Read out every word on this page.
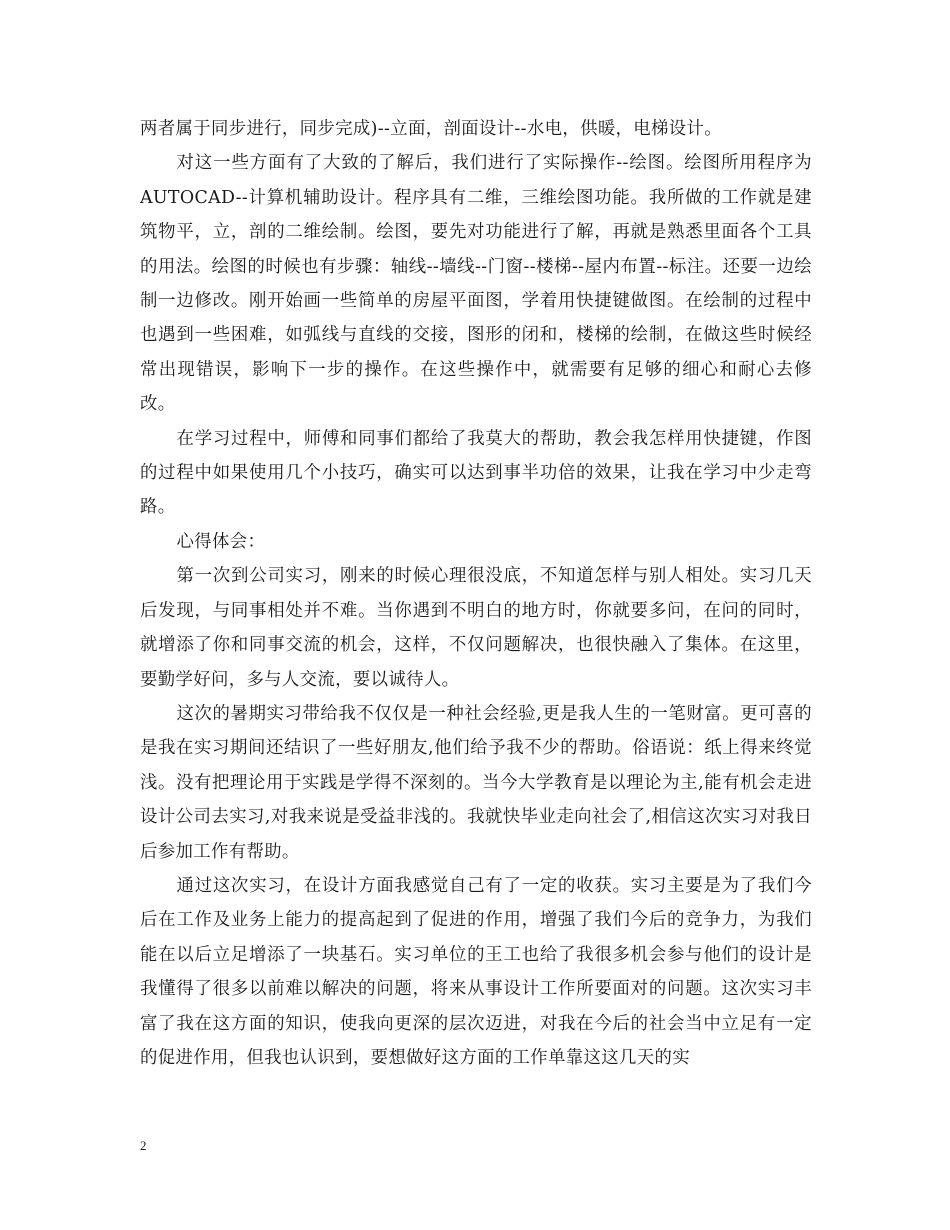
两者属于同步进行，同步完成)--立面，剖面设计--水电，供暖，电梯设计。

对这一些方面有了大致的了解后，我们进行了实际操作--绘图。绘图所用程序为AUTOCAD--计算机辅助设计。程序具有二维，三维绘图功能。我所做的工作就是建筑物平，立，剖的二维绘制。绘图，要先对功能进行了解，再就是熟悉里面各个工具的用法。绘图的时候也有步骤：轴线--墙线--门窗--楼梯--屋内布置--标注。还要一边绘制一边修改。刚开始画一些简单的房屋平面图，学着用快捷键做图。在绘制的过程中也遇到一些困难，如弧线与直线的交接，图形的闭和，楼梯的绘制，在做这些时候经常出现错误，影响下一步的操作。在这些操作中，就需要有足够的细心和耐心去修改。

在学习过程中，师傅和同事们都给了我莫大的帮助，教会我怎样用快捷键，作图的过程中如果使用几个小技巧，确实可以达到事半功倍的效果，让我在学习中少走弯路。

心得体会：

第一次到公司实习，刚来的时候心理很没底，不知道怎样与别人相处。实习几天后发现，与同事相处并不难。当你遇到不明白的地方时，你就要多问，在问的同时，就增添了你和同事交流的机会，这样，不仅问题解决，也很快融入了集体。在这里，要勤学好问，多与人交流，要以诚待人。

这次的暑期实习带给我不仅仅是一种社会经验,更是我人生的一笔财富。更可喜的是我在实习期间还结识了一些好朋友,他们给予我不少的帮助。俗语说：纸上得来终觉浅。没有把理论用于实践是学得不深刻的。当今大学教育是以理论为主,能有机会走进设计公司去实习,对我来说是受益非浅的。我就快毕业走向社会了,相信这次实习对我日后参加工作有帮助。

通过这次实习，在设计方面我感觉自己有了一定的收获。实习主要是为了我们今后在工作及业务上能力的提高起到了促进的作用，增强了我们今后的竞争力，为我们能在以后立足增添了一块基石。实习单位的王工也给了我很多机会参与他们的设计是我懂得了很多以前难以解决的问题，将来从事设计工作所要面对的问题。这次实习丰富了我在这方面的知识，使我向更深的层次迈进，对我在今后的社会当中立足有一定的促进作用，但我也认识到，要想做好这方面的工作单靠这这几天的实

2
